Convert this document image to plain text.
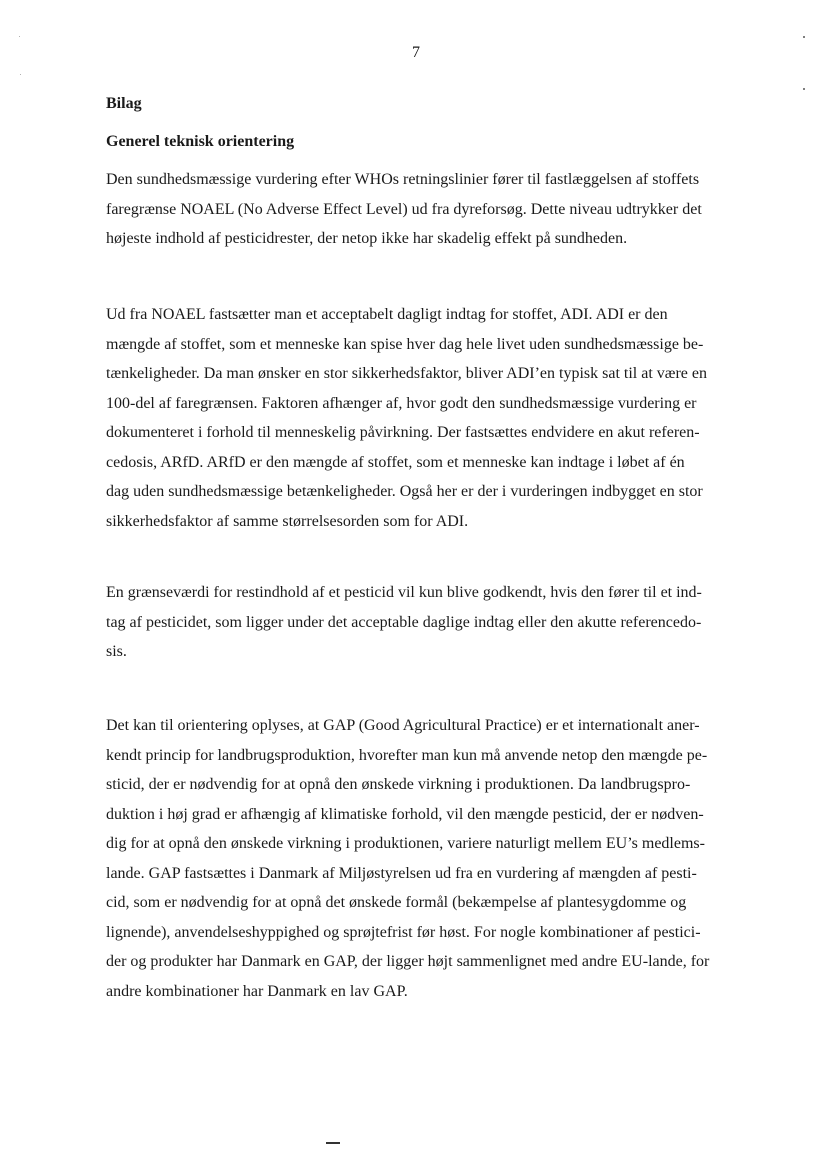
7
Bilag
Generel teknisk orientering
Den sundhedsmæssige vurdering efter WHOs retningslinier fører til fastlæggelsen af stoffets
faregrænse NOAEL (No Adverse Effect Level) ud fra dyreforsøg. Dette niveau udtrykker det
højeste indhold af pesticidrester, der netop ikke har skadelig effekt på sundheden.
Ud fra NOAEL fastsætter man et acceptabelt dagligt indtag for stoffet, ADI. ADI er den
mængde af stoffet, som et menneske kan spise hver dag hele livet uden sundhedsmæssige be-
tænkeligheder. Da man ønsker en stor sikkerhedsfaktor, bliver ADI’en typisk sat til at være en
100-del af faregrænsen. Faktoren afhænger af, hvor godt den sundhedsmæssige vurdering er
dokumenteret i forhold til menneskelig påvirkning. Der fastsættes endvidere en akut referen-
cedosis, ARfD. ARfD er den mængde af stoffet, som et menneske kan indtage i løbet af én
dag uden sundhedsmæssige betænkeligheder. Også her er der i vurderingen indbygget en stor
sikkerhedsfaktor af samme størrelsesorden som for ADI.
En grænseværdi for restindhold af et pesticid vil kun blive godkendt, hvis den fører til et ind-
tag af pesticidet, som ligger under det acceptable daglige indtag eller den akutte referencedo-
sis.
Det kan til orientering oplyses, at GAP (Good Agricultural Practice) er et internationalt aner-
kendt princip for landbrugsproduktion, hvorefter man kun må anvende netop den mængde pe-
sticid, der er nødvendig for at opnå den ønskede virkning i produktionen. Da landbrugspro-
duktion i høj grad er afhængig af klimatiske forhold, vil den mængde pesticid, der er nødven-
dig for at opnå den ønskede virkning i produktionen, variere naturligt mellem EU’s medlems-
lande. GAP fastsættes i Danmark af Miljøstyrelsen ud fra en vurdering af mængden af pesti-
cid, som er nødvendig for at opnå det ønskede formål (bekæmpelse af plantesygdomme og
lignende), anvendelseshyppighed og sprøjtefrist før høst. For nogle kombinationer af pestici-
der og produkter har Danmark en GAP, der ligger højt sammenlignet med andre EU-lande, for
andre kombinationer har Danmark en lav GAP.
